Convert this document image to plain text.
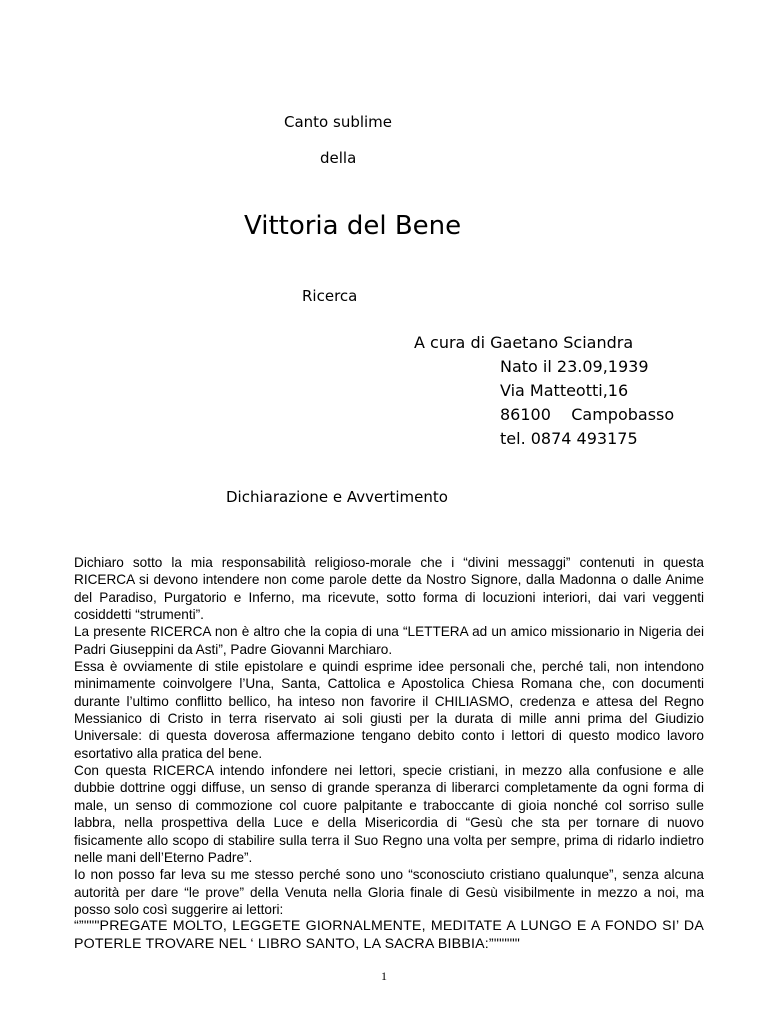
Canto sublime
della
Vittoria del Bene
Ricerca
A cura di Gaetano Sciandra
Nato il 23.09,1939
Via Matteotti,16
86100    Campobasso
tel. 0874 493175
Dichiarazione e Avvertimento

Dichiaro sotto la mia responsabilità religioso-morale che i “divini messaggi” contenuti in questa RICERCA si devono intendere non come parole dette da Nostro Signore, dalla Madonna o dalle Anime del Paradiso, Purgatorio e Inferno, ma ricevute, sotto forma di locuzioni interiori, dai vari veggenti cosiddetti “strumenti”.

La presente RICERCA non è altro che la copia di una “LETTERA ad un amico missionario in Nigeria dei Padri Giuseppini da Asti”, Padre Giovanni Marchiaro.

Essa è ovviamente di stile epistolare e quindi esprime idee personali che, perché tali, non intendono minimamente coinvolgere l’Una, Santa, Cattolica e Apostolica Chiesa Romana che, con documenti durante l’ultimo conflitto bellico, ha inteso non favorire il CHILIASMO, credenza e attesa del Regno Messianico di Cristo in terra riservato ai soli giusti per la durata di mille anni prima del Giudizio Universale: di questa doverosa affermazione tengano debito conto i lettori di questo modico lavoro esortativo alla pratica del bene.

Con questa RICERCA intendo infondere nei lettori, specie cristiani, in mezzo alla confusione e alle dubbie dottrine oggi diffuse, un senso di grande speranza di liberarci completamente da ogni forma di male, un senso di commozione col cuore palpitante e traboccante di gioia nonché col sorriso sulle labbra, nella prospettiva della Luce e della Misericordia di “Gesù che sta per tornare di nuovo fisicamente allo scopo di stabilire sulla terra il Suo Regno una volta per sempre, prima di ridarlo indietro nelle mani dell’Eterno Padre”.

Io non posso far leva su me stesso perché sono uno “sconosciuto cristiano qualunque”, senza alcuna autorità per dare “le prove” della Venuta nella Gloria finale di Gesù visibilmente in mezzo a noi, ma posso solo così suggerire ai lettori:

“”"""PREGATE MOLTO, LEGGETE GIORNALMENTE, MEDITATE A LUNGO E A FONDO SI’ DA POTERLE TROVARE NEL ‘ LIBRO SANTO, LA SACRA BIBBIA:”"""""

1
